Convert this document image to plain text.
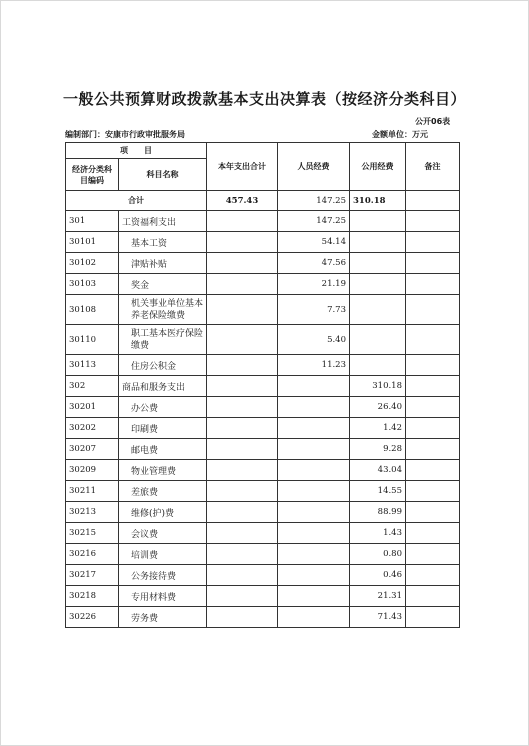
一般公共预算财政拨款基本支出决算表（按经济分类科目）
公开06表
编制部门：安康市行政审批服务局	金额单位：万元
项　　目		本年支出合计	人员经费	公用经费	备注
经济分类科目编码	科目名称				
合计		457.43	147.25	310.18	
301	工资福利支出		147.25		
30101	基本工资		54.14		
30102	津贴补贴		47.56		
30103	奖金		21.19		
30108	机关事业单位基本养老保险缴费		7.73		
30110	职工基本医疗保险缴费		5.40		
30113	住房公积金		11.23		
302	商品和服务支出			310.18	
30201	办公费			26.40	
30202	印刷费			1.42	
30207	邮电费			9.28	
30209	物业管理费			43.04	
30211	差旅费			14.55	
30213	维修(护)费			88.99	
30215	会议费			1.43	
30216	培训费			0.80	
30217	公务接待费			0.46	
30218	专用材料费			21.31	
30226	劳务费			71.43	
